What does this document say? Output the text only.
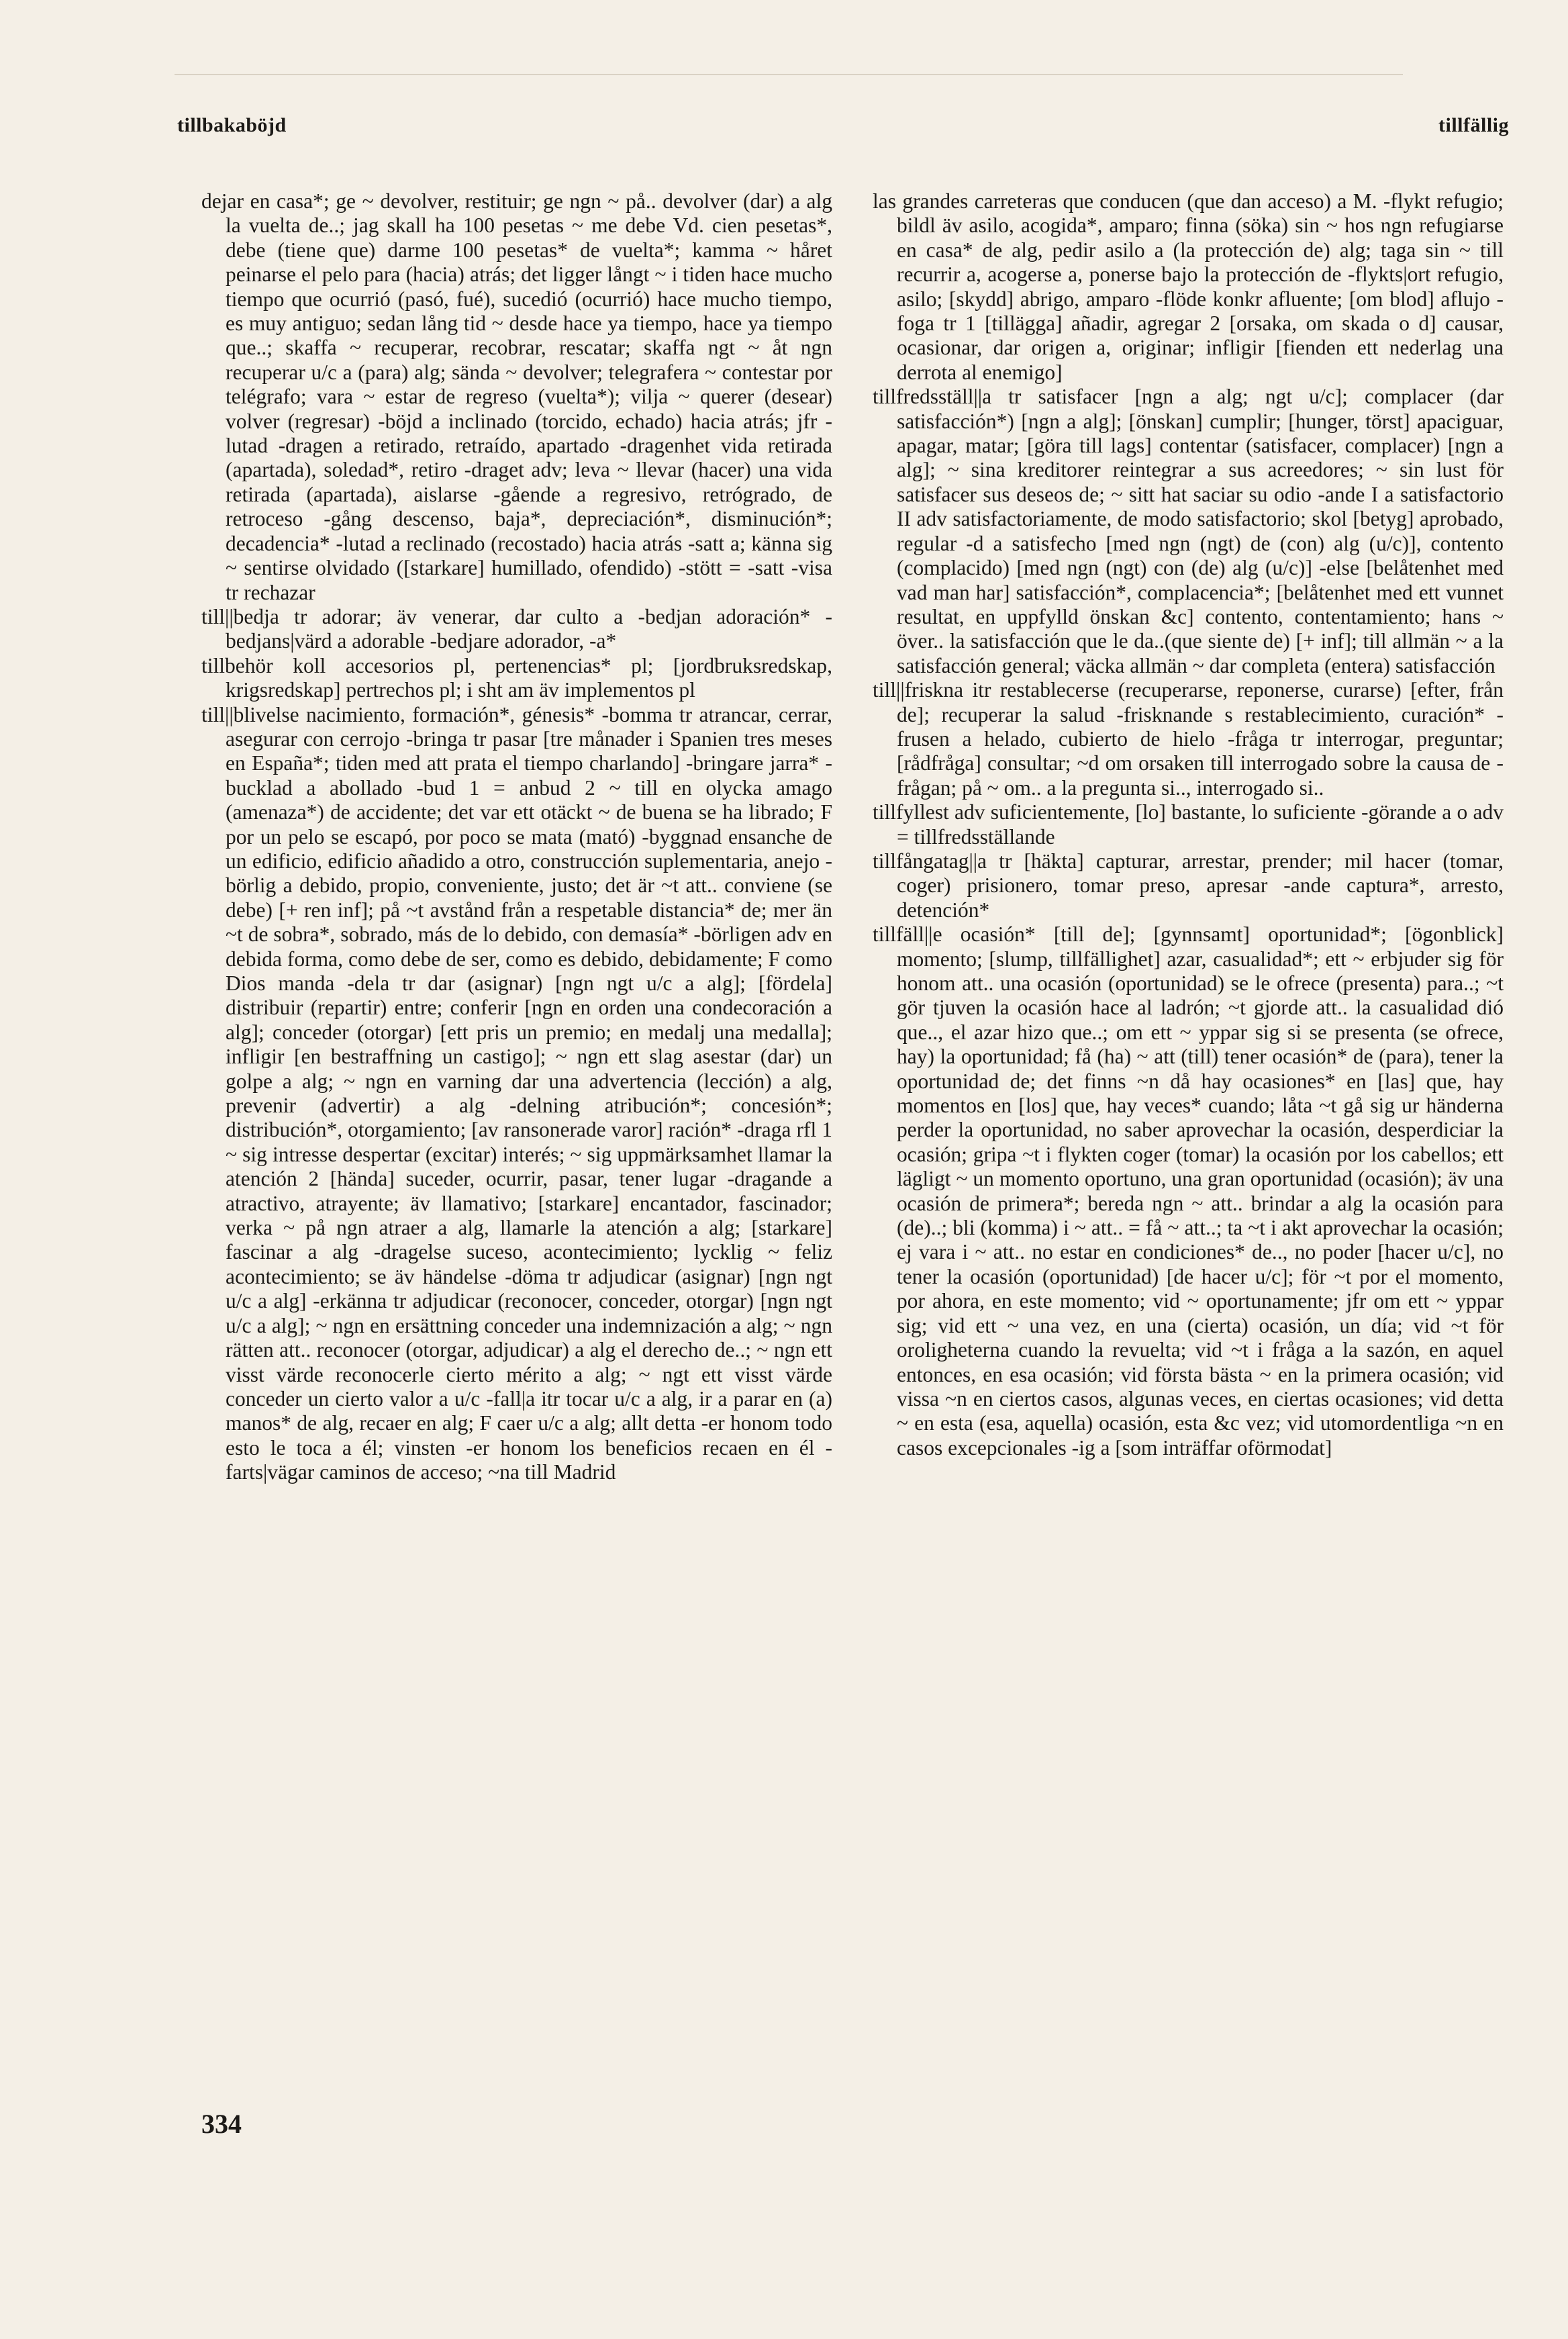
tillbakaböjd	tillfällig

dejar en casa*; ge ~ devolver, restituir; ge ngn ~ på.. devolver (dar) a alg la vuelta de..; jag skall ha 100 pesetas ~ me debe Vd. cien pesetas*, debe (tiene que) darme 100 pesetas* de vuelta*; kamma ~ håret peinarse el pelo para (hacia) atrás; det ligger långt ~ i tiden hace mucho tiempo que ocurrió (pasó, fué), sucedió (ocurrió) hace mucho tiempo, es muy antiguo; sedan lång tid ~ desde hace ya tiempo, hace ya tiempo que..; skaffa ~ recuperar, recobrar, rescatar; skaffa ngt ~ åt ngn recuperar u/c a (para) alg; sända ~ devolver; telegrafera ~ contestar por telégrafo; vara ~ estar de regreso (vuelta*); vilja ~ querer (desear) volver (regresar) -böjd a inclinado (torcido, echado) hacia atrás; jfr -lutad -dragen a retirado, retraído, apartado -dragenhet vida retirada (apartada), soledad*, retiro -draget adv; leva ~ llevar (hacer) una vida retirada (apartada), aislarse -gående a regresivo, retrógrado, de retroceso -gång descenso, baja*, depreciación*, disminución*; decadencia* -lutad a reclinado (recostado) hacia atrás -satt a; känna sig ~ sentirse olvidado ([starkare] humillado, ofendido) -stött = -satt -visa tr rechazar

till||bedja tr adorar; äv venerar, dar culto a -bedjan adoración* -bedjans|värd a adorable -bedjare adorador, -a*

tillbehör koll accesorios pl, pertenencias* pl; [jordbruksredskap, krigsredskap] pertrechos pl; i sht am äv implementos pl

till||blivelse nacimiento, formación*, génesis* -bomma tr atrancar, cerrar, asegurar con cerrojo -bringa tr pasar [tre månader i Spanien tres meses en España*; tiden med att prata el tiempo charlando] -bringare jarra* -bucklad a abollado -bud 1 = anbud 2 ~ till en olycka amago (amenaza*) de accidente; det var ett otäckt ~ de buena se ha librado; F por un pelo se escapó, por poco se mata (mató) -byggnad ensanche de un edificio, edificio añadido a otro, construcción suplementaria, anejo -börlig a debido, propio, conveniente, justo; det är ~t att.. conviene (se debe) [+ ren inf]; på ~t avstånd från a respetable distancia* de; mer än ~t de sobra*, sobrado, más de lo debido, con demasía* -börligen adv en debida forma, como debe de ser, como es debido, debidamente; F como Dios manda -dela tr dar (asignar) [ngn ngt u/c a alg]; [fördela] distribuir (repartir) entre; conferir [ngn en orden una condecoración a alg]; conceder (otorgar) [ett pris un premio; en medalj una medalla]; infligir [en bestraffning un castigo]; ~ ngn ett slag asestar (dar) un golpe a alg; ~ ngn en varning dar una advertencia (lección) a alg, prevenir (advertir) a alg -delning atribución*; concesión*; distribución*, otorgamiento; [av ransonerade varor] ración* -draga rfl 1 ~ sig intresse despertar (excitar) interés; ~ sig uppmärksamhet llamar la atención 2 [hända] suceder, ocurrir, pasar, tener lugar -dragande a atractivo, atrayente; äv llamativo; [starkare] encantador, fascinador; verka ~ på ngn atraer a alg, llamarle la atención a alg; [starkare] fascinar a alg -dragelse suceso, acontecimiento; lycklig ~ feliz acontecimiento; se äv händelse -döma tr adjudicar (asignar) [ngn ngt u/c a alg] -erkänna tr adjudicar (reconocer, conceder, otorgar) [ngn ngt u/c a alg]; ~ ngn en ersättning conceder una indemnización a alg; ~ ngn rätten att.. reconocer (otorgar, adjudicar) a alg el derecho de..; ~ ngn ett visst värde reconocerle cierto mérito a alg; ~ ngt ett visst värde conceder un cierto valor a u/c -fall|a itr tocar u/c a alg, ir a parar en (a) manos* de alg, recaer en alg; F caer u/c a alg; allt detta -er honom todo esto le toca a él; vinsten -er honom los beneficios recaen en él -farts|vägar caminos de acceso; ~na till Madrid

las grandes carreteras que conducen (que dan acceso) a M. -flykt refugio; bildl äv asilo, acogida*, amparo; finna (söka) sin ~ hos ngn refugiarse en casa* de alg, pedir asilo a (la protección de) alg; taga sin ~ till recurrir a, acogerse a, ponerse bajo la protección de -flykts|ort refugio, asilo; [skydd] abrigo, amparo -flöde konkr afluente; [om blod] aflujo -foga tr 1 [tillägga] añadir, agregar 2 [orsaka, om skada o d] causar, ocasionar, dar origen a, originar; infligir [fienden ett nederlag una derrota al enemigo]

tillfredsställ||a tr satisfacer [ngn a alg; ngt u/c]; complacer (dar satisfacción*) [ngn a alg]; [önskan] cumplir; [hunger, törst] apaciguar, apagar, matar; [göra till lags] contentar (satisfacer, complacer) [ngn a alg]; ~ sina kreditorer reintegrar a sus acreedores; ~ sin lust för satisfacer sus deseos de; ~ sitt hat saciar su odio -ande I a satisfactorio II adv satisfactoriamente, de modo satisfactorio; skol [betyg] aprobado, regular -d a satisfecho [med ngn (ngt) de (con) alg (u/c)], contento (complacido) [med ngn (ngt) con (de) alg (u/c)] -else [belåtenhet med vad man har] satisfacción*, complacencia*; [belåtenhet med ett vunnet resultat, en uppfylld önskan &c] contento, contentamiento; hans ~ över.. la satisfacción que le da..(que siente de) [+ inf]; till allmän ~ a la satisfacción general; väcka allmän ~ dar completa (entera) satisfacción

till||friskna itr restablecerse (recuperarse, reponerse, curarse) [efter, från de]; recuperar la salud -frisknande s restablecimiento, curación* -frusen a helado, cubierto de hielo -fråga tr interrogar, preguntar; [rådfråga] consultar; ~d om orsaken till interrogado sobre la causa de -frågan; på ~ om.. a la pregunta si.., interrogado si..

tillfyllest adv suficientemente, [lo] bastante, lo suficiente -görande a o adv = tillfredsställande

tillfångatag||a tr [häkta] capturar, arrestar, prender; mil hacer (tomar, coger) prisionero, tomar preso, apresar -ande captura*, arresto, detención*

tillfäll||e ocasión* [till de]; [gynnsamt] oportunidad*; [ögonblick] momento; [slump, tillfällighet] azar, casualidad*; ett ~ erbjuder sig för honom att.. una ocasión (oportunidad) se le ofrece (presenta) para..; ~t gör tjuven la ocasión hace al ladrón; ~t gjorde att.. la casualidad dió que.., el azar hizo que..; om ett ~ yppar sig si se presenta (se ofrece, hay) la oportunidad; få (ha) ~ att (till) tener ocasión* de (para), tener la oportunidad de; det finns ~n då hay ocasiones* en [las] que, hay momentos en [los] que, hay veces* cuando; låta ~t gå sig ur händerna perder la oportunidad, no saber aprovechar la ocasión, desperdiciar la ocasión; gripa ~t i flykten coger (tomar) la ocasión por los cabellos; ett lägligt ~ un momento oportuno, una gran oportunidad (ocasión); äv una ocasión de primera*; bereda ngn ~ att.. brindar a alg la ocasión para (de)..; bli (komma) i ~ att.. = få ~ att..; ta ~t i akt aprovechar la ocasión; ej vara i ~ att.. no estar en condiciones* de.., no poder [hacer u/c], no tener la ocasión (oportunidad) [de hacer u/c]; för ~t por el momento, por ahora, en este momento; vid ~ oportunamente; jfr om ett ~ yppar sig; vid ett ~ una vez, en una (cierta) ocasión, un día; vid ~t för oroligheterna cuando la revuelta; vid ~t i fråga a la sazón, en aquel entonces, en esa ocasión; vid första bästa ~ en la primera ocasión; vid vissa ~n en ciertos casos, algunas veces, en ciertas ocasiones; vid detta ~ en esta (esa, aquella) ocasión, esta &c vez; vid utomordentliga ~n en casos excepcionales -ig a [som inträffar oförmodat]

334
